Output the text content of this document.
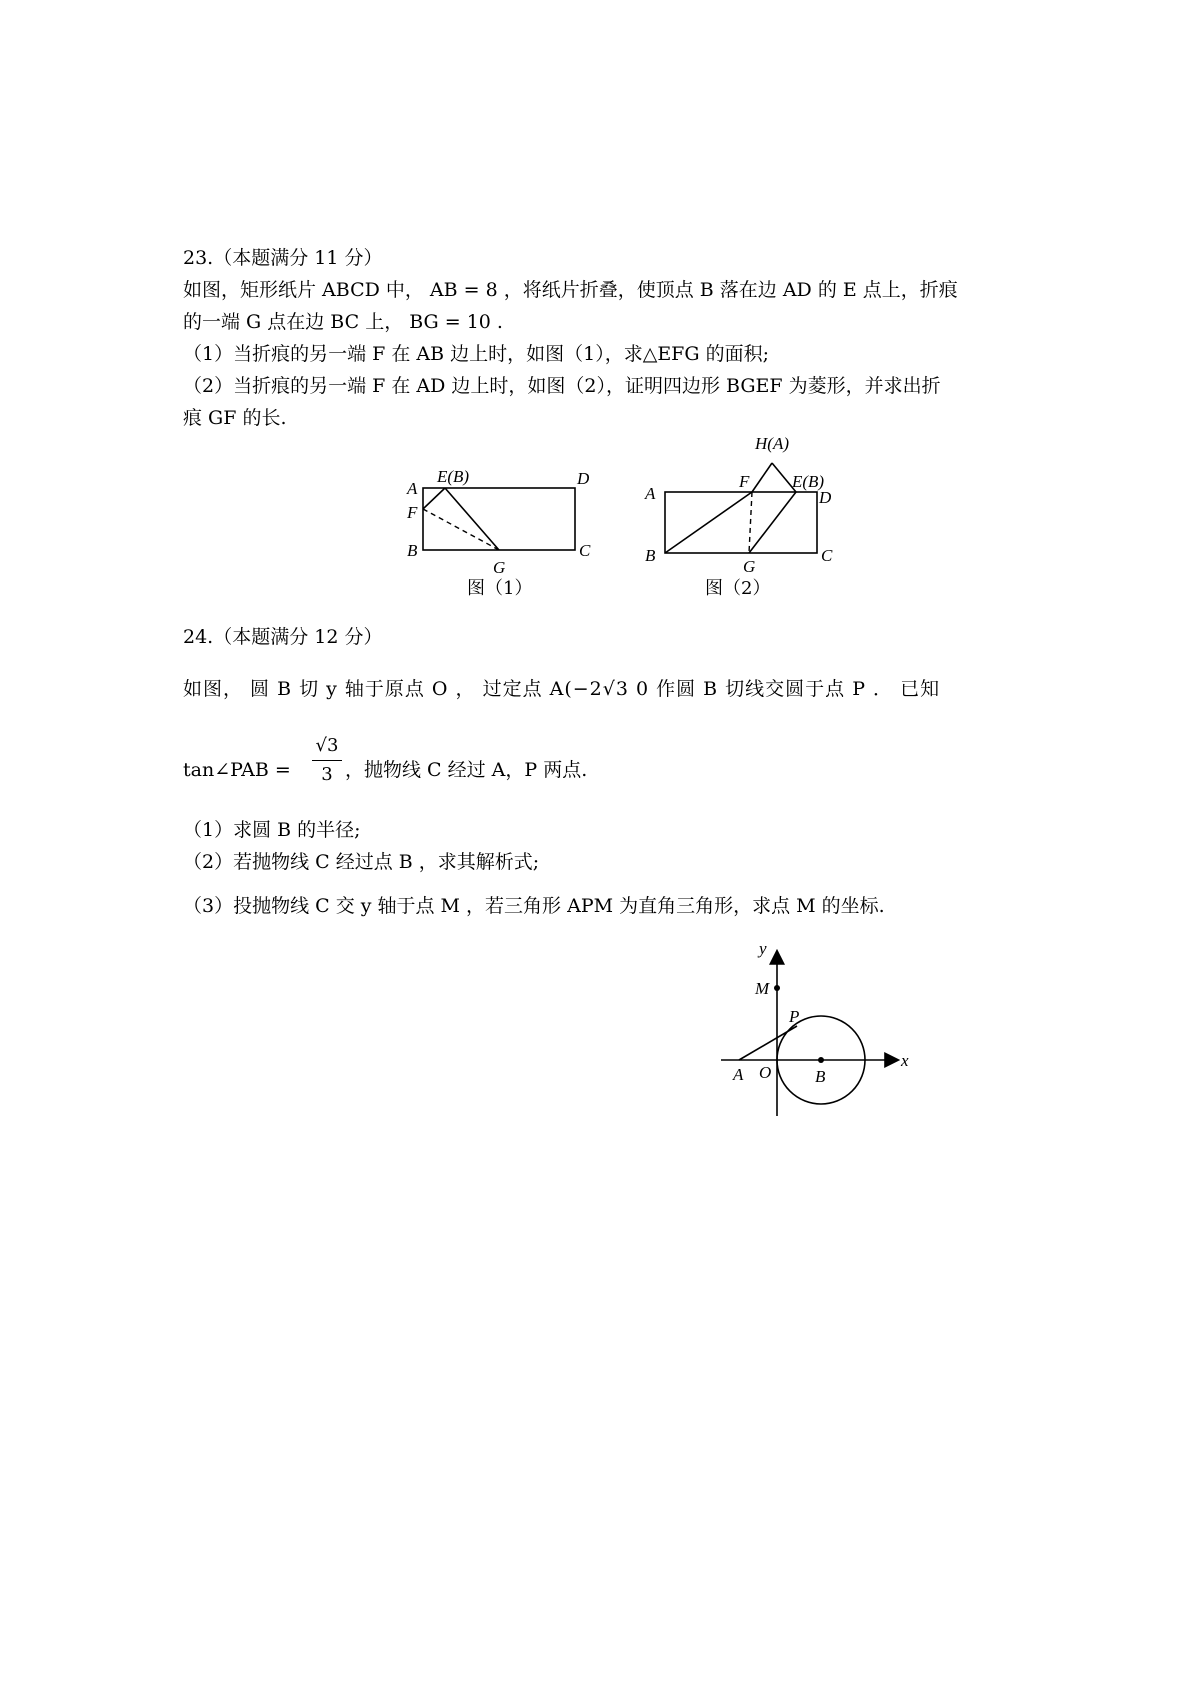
23.（本题满分 11 分）
如图，矩形纸片 ABCD 中， AB = 8 ，将纸片折叠，使顶点 B 落在边 AD 的 E 点上，折痕
的一端 G 点在边 BC 上， BG = 10 .
（1）当折痕的另一端 F 在 AB 边上时，如图（1），求△EFG 的面积;
（2）当折痕的另一端 F 在 AD 边上时，如图（2），证明四边形 BGEF 为菱形，并求出折
痕 GF 的长.
A
E(B)	D
F
B
G
C
图（1）
H(A)
A
F	E(B)
D
B
G
C
图（2）
24.（本题满分 12 分）
如图， 圆 B 切 y 轴于原点 O ， 过定点 A(−2√3 0 作圆 B 切线交圆于点 P ． 已知
tan∠PAB =
√3
3 ，抛物线 C 经过 A，P 两点.
（1）求圆 B 的半径;
（2）若抛物线 C 经过点 B ，求其解析式;
（3）投抛物线 C 交 y 轴于点 M ，若三角形 APM 为直角三角形，求点 M 的坐标.
y
M
P
x
A O	B
